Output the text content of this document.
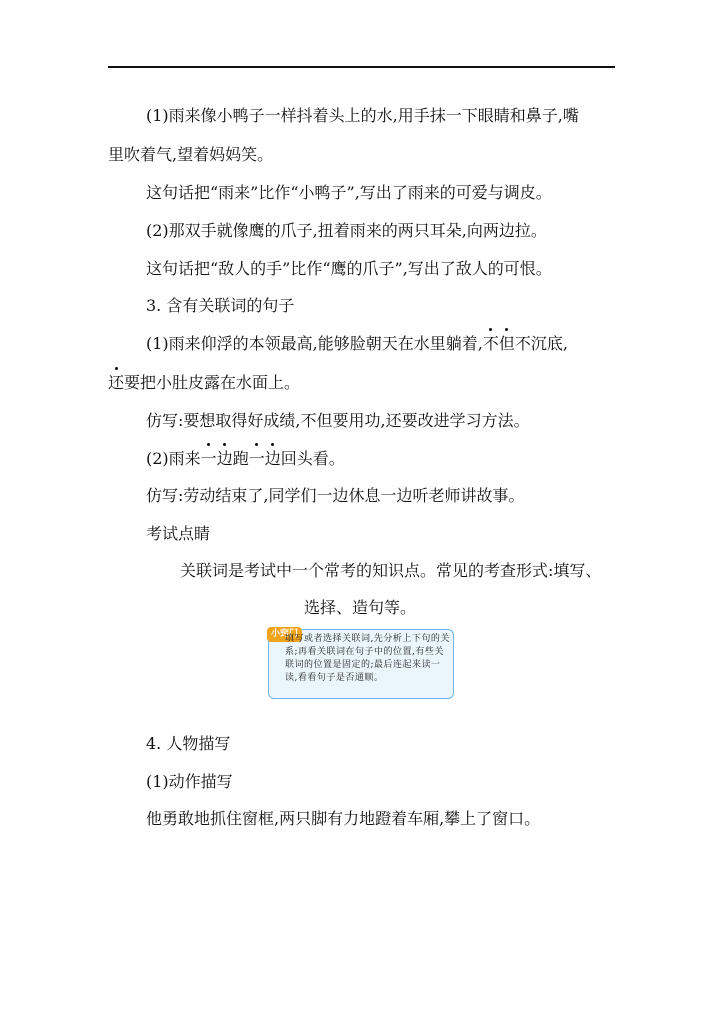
(1)雨来像小鸭子一样抖着头上的水,用手抹一下眼睛和鼻子,嘴
里吹着气,望着妈妈笑。
这句话把“雨来”比作“小鸭子”,写出了雨来的可爱与调皮。
(2)那双手就像鹰的爪子,扭着雨来的两只耳朵,向两边拉。
这句话把“敌人的手”比作“鹰的爪子”,写出了敌人的可恨。
3. 含有关联词的句子
(1)雨来仰浮的本领最高,能够脸朝天在水里躺着,不但不沉底,
还要把小肚皮露在水面上。
仿写:要想取得好成绩,不但要用功,还要改进学习方法。
(2)雨来一边跑一边回头看。
仿写:劳动结束了,同学们一边休息一边听老师讲故事。
考试点睛
关联词是考试中一个常考的知识点。常见的考查形式:填写、
选择、造句等。
小窍门
填写或者选择关联词,先分析上下句的关系;再看关联词在句子中的位置,有些关联词的位置是固定的;最后连起来读一读,看看句子是否通顺。
4. 人物描写
(1)动作描写
他勇敢地抓住窗框,两只脚有力地蹬着车厢,攀上了窗口。
